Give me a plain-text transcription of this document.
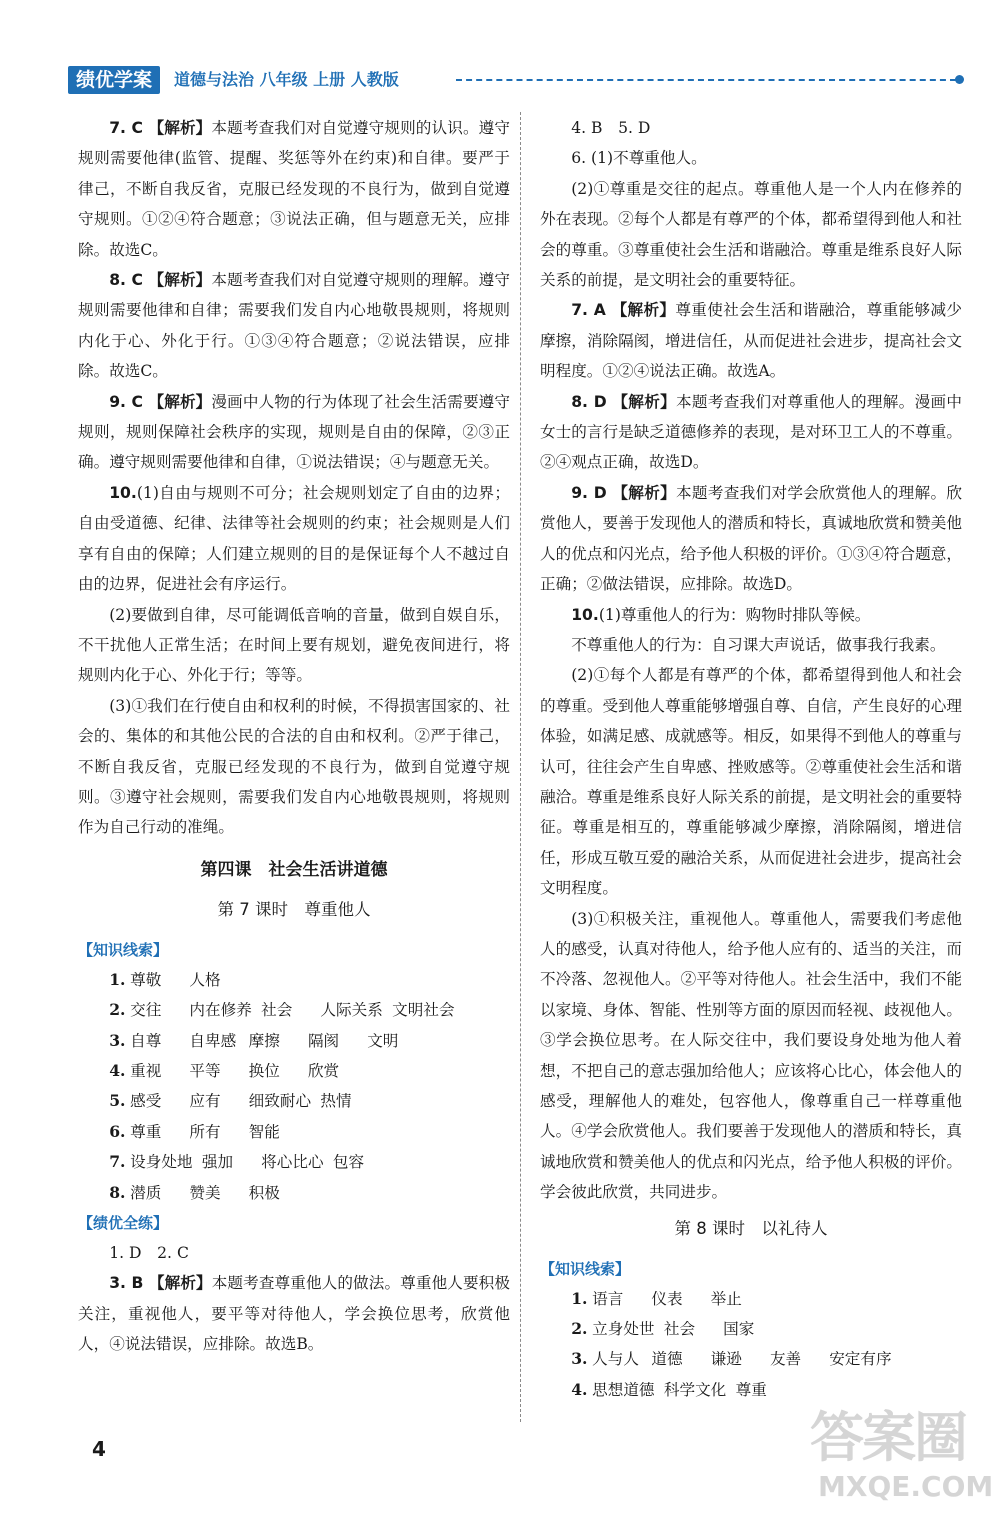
绩优学案	道德与法治 八年级 上册 人教版

7. C 【解析】本题考查我们对自觉遵守规则的认识。遵守规则需要他律(监管、提醒、奖惩等外在约束)和自律。要严于律己，不断自我反省，克服已经发现的不良行为，做到自觉遵守规则。①②④符合题意；③说法正确，但与题意无关，应排除。故选C。

8. C 【解析】本题考查我们对自觉遵守规则的理解。遵守规则需要他律和自律；需要我们发自内心地敬畏规则，将规则内化于心、外化于行。①③④符合题意；②说法错误，应排除。故选C。

9. C 【解析】漫画中人物的行为体现了社会生活需要遵守规则，规则保障社会秩序的实现，规则是自由的保障，②③正确。遵守规则需要他律和自律，①说法错误；④与题意无关。

10.(1)自由与规则不可分；社会规则划定了自由的边界；自由受道德、纪律、法律等社会规则的约束；社会规则是人们享有自由的保障；人们建立规则的目的是保证每个人不越过自由的边界，促进社会有序运行。

(2)要做到自律，尽可能调低音响的音量，做到自娱自乐，不干扰他人正常生活；在时间上要有规划，避免夜间进行，将规则内化于心、外化于行；等等。

(3)①我们在行使自由和权利的时候，不得损害国家的、社会的、集体的和其他公民的合法的自由和权利。②严于律己，不断自我反省，克服已经发现的不良行为，做到自觉遵守规则。③遵守社会规则，需要我们发自内心地敬畏规则，将规则作为自己行动的准绳。

第四课　社会生活讲道德
第 7 课时　尊重他人
【知识线索】

1. 尊敬 人格

2. 交往 内在修养 社会 人际关系 文明社会

3. 自尊 自卑感 摩擦 隔阂 文明

4. 重视 平等 换位 欣赏

5. 感受 应有 细致耐心 热情

6. 尊重 所有 智能

7. 设身处地 强加 将心比心 包容

8. 潜质 赞美 积极

【绩优全练】

1. D　2. C

3. B 【解析】本题考查尊重他人的做法。尊重他人要积极关注，重视他人，要平等对待他人，学会换位思考，欣赏他人，④说法错误，应排除。故选B。

4. B　5. D

6. (1)不尊重他人。

(2)①尊重是交往的起点。尊重他人是一个人内在修养的外在表现。②每个人都是有尊严的个体，都希望得到他人和社会的尊重。③尊重使社会生活和谐融洽。尊重是维系良好人际关系的前提，是文明社会的重要特征。

7. A 【解析】尊重使社会生活和谐融洽，尊重能够减少摩擦，消除隔阂，增进信任，从而促进社会进步，提高社会文明程度。①②④说法正确。故选A。

8. D 【解析】本题考查我们对尊重他人的理解。漫画中女士的言行是缺乏道德修养的表现，是对环卫工人的不尊重。②④观点正确，故选D。

9. D 【解析】本题考查我们对学会欣赏他人的理解。欣赏他人，要善于发现他人的潜质和特长，真诚地欣赏和赞美他人的优点和闪光点，给予他人积极的评价。①③④符合题意，正确；②做法错误，应排除。故选D。

10.(1)尊重他人的行为：购物时排队等候。

不尊重他人的行为：自习课大声说话，做事我行我素。

(2)①每个人都是有尊严的个体，都希望得到他人和社会的尊重。受到他人尊重能够增强自尊、自信，产生良好的心理体验，如满足感、成就感等。相反，如果得不到他人的尊重与认可，往往会产生自卑感、挫败感等。②尊重使社会生活和谐融洽。尊重是维系良好人际关系的前提，是文明社会的重要特征。尊重是相互的，尊重能够减少摩擦，消除隔阂，增进信任，形成互敬互爱的融洽关系，从而促进社会进步，提高社会文明程度。

(3)①积极关注，重视他人。尊重他人，需要我们考虑他人的感受，认真对待他人，给予他人应有的、适当的关注，而不冷落、忽视他人。②平等对待他人。社会生活中，我们不能以家境、身体、智能、性别等方面的原因而轻视、歧视他人。③学会换位思考。在人际交往中，我们要设身处地为他人着想，不把自己的意志强加给他人；应该将心比心，体会他人的感受，理解他人的难处，包容他人，像尊重自己一样尊重他人。④学会欣赏他人。我们要善于发现他人的潜质和特长，真诚地欣赏和赞美他人的优点和闪光点，给予他人积极的评价。学会彼此欣赏，共同进步。

第 8 课时　以礼待人
【知识线索】

1. 语言 仪表 举止

2. 立身处世 社会 国家

3. 人与人 道德 谦逊 友善 安定有序

4. 思想道德 科学文化 尊重

4	答案圈
MXQE.COM
